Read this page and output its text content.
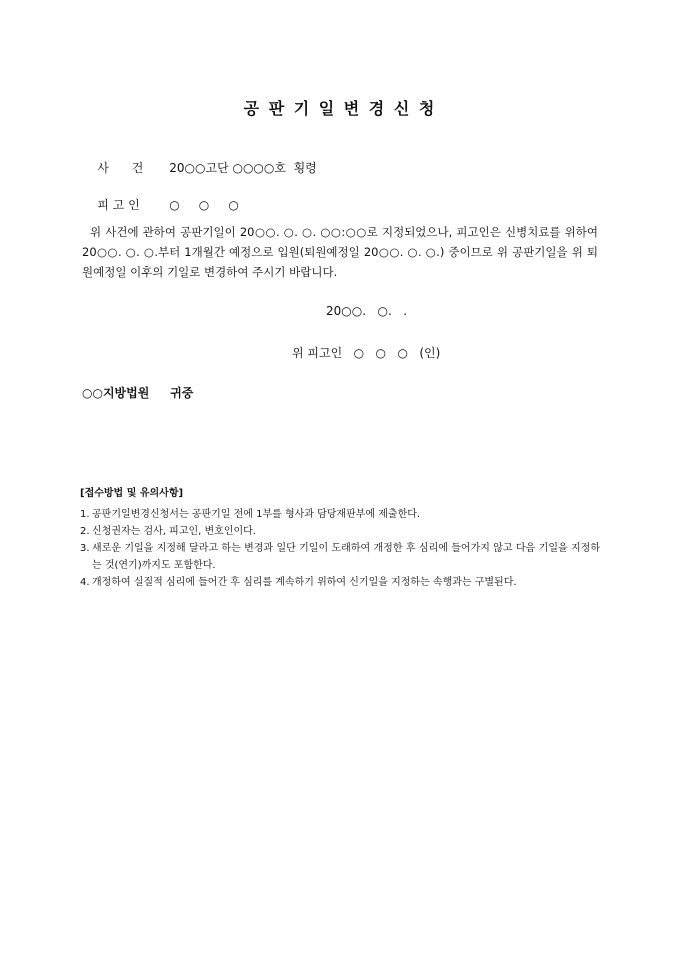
공 판 기 일 변 경 신 청

사      건 20○○고단 ○○○○호  횡령

피 고 인 ○     ○     ○

위 사건에 관하여 공판기일이 20○○. ○. ○. ○○:○○로 지정되었으나, 피고인은 신병치료를 위하여 20○○. ○. ○.부터 1개월간 예정으로 입원(퇴원예정일 20○○. ○. ○.) 중이므로 위 공판기일을 위 퇴원예정일 이후의 기일로 변경하여 주시기 바랍니다.
20○○.   ○.   .
위 피고인   ○   ○   ○   (인)
○○지방법원     귀중
[접수방법 및 유의사항]
1. 공판기일변경신청서는 공판기일 전에 1부를 형사과 담당재판부에 제출한다.
2. 신청권자는 검사, 피고인, 변호인이다.
3. 새로운 기일을 지정해 달라고 하는 변경과 일단 기일이 도래하여 개정한 후 심리에 들어가지 않고 다음 기일을 지정하는 것(연기)까지도 포함한다.
4. 개정하여 실질적 심리에 들어간 후 심리를 계속하기 위하여 신기일을 지정하는 속행과는 구별된다.
